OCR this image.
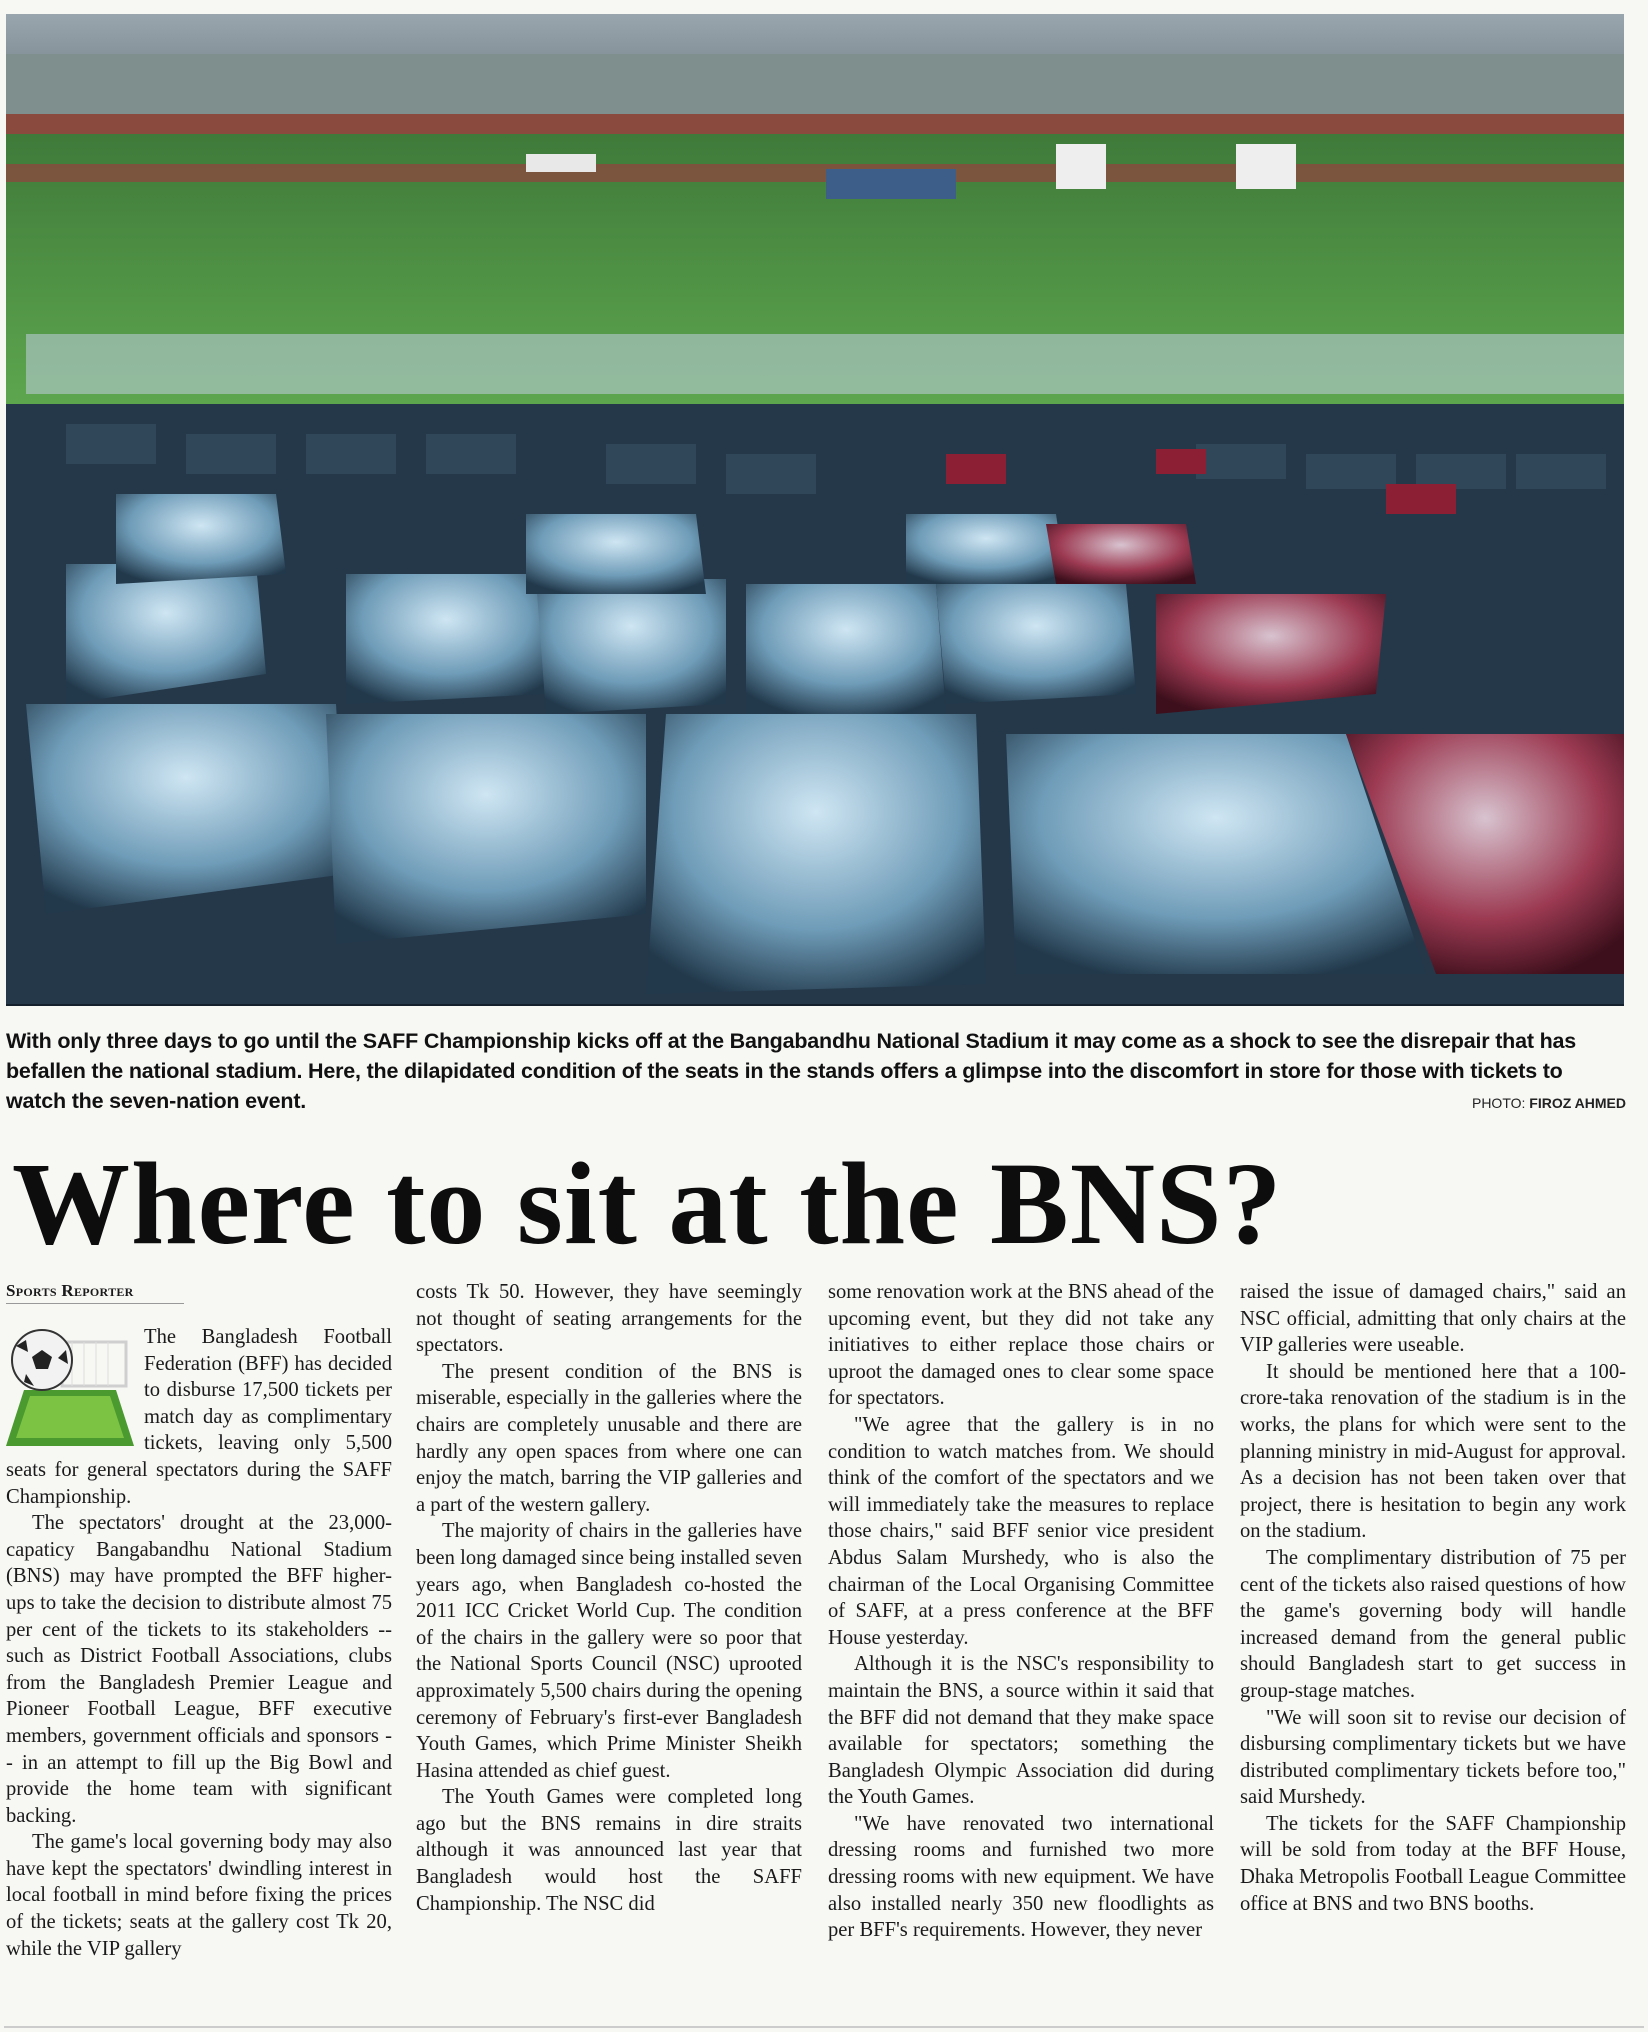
With only three days to go until the SAFF Championship kicks off at the Bangabandhu National Stadium it may come as a shock to see the disrepair that has befallen the national stadium. Here, the dilapidated condition of the seats in the stands offers a glimpse into the discomfort in store for those with tickets to watch the seven-nation event.	PHOTO: FIROZ AHMED
Where to sit at the BNS?
Sports Reporter

The Bangladesh Football Federation (BFF) has decided to disburse 17,500 tickets per match day as complimentary tickets, leaving only 5,500 seats for general spectators during the SAFF Championship.

The spectators' drought at the 23,000-capaticу Bangabandhu National Stadium (BNS) may have prompted the BFF higher-ups to take the decision to distribute almost 75 per cent of the tickets to its stakeholders -- such as District Football Associations, clubs from the Bangladesh Premier League and Pioneer Football League, BFF executive members, government officials and sponsors -- in an attempt to fill up the Big Bowl and provide the home team with significant backing.

The game's local governing body may also have kept the spectators' dwindling interest in local football in mind before fixing the prices of the tickets; seats at the gallery cost Tk 20, while the VIP gallery

costs Tk 50. However, they have seemingly not thought of seating arrangements for the spectators.

The present condition of the BNS is miserable, especially in the galleries where the chairs are completely unusable and there are hardly any open spaces from where one can enjoy the match, barring the VIP galleries and a part of the western gallery.

The majority of chairs in the galleries have been long damaged since being installed seven years ago, when Bangladesh co-hosted the 2011 ICC Cricket World Cup. The condition of the chairs in the gallery were so poor that the National Sports Council (NSC) uprooted approximately 5,500 chairs during the opening ceremony of February's first-ever Bangladesh Youth Games, which Prime Minister Sheikh Hasina attended as chief guest.

The Youth Games were completed long ago but the BNS remains in dire straits although it was announced last year that Bangladesh would host the SAFF Championship. The NSC did

some renovation work at the BNS ahead of the upcoming event, but they did not take any initiatives to either replace those chairs or uproot the damaged ones to clear some space for spectators.

"We agree that the gallery is in no condition to watch matches from. We should think of the comfort of the spectators and we will immediately take the measures to replace those chairs," said BFF senior vice president Abdus Salam Murshedy, who is also the chairman of the Local Organising Committee of SAFF, at a press conference at the BFF House yesterday.

Although it is the NSC's responsibility to maintain the BNS, a source within it said that the BFF did not demand that they make space available for spectators; something the Bangladesh Olympic Association did during the Youth Games.

"We have renovated two international dressing rooms and furnished two more dressing rooms with new equipment. We have also installed nearly 350 new floodlights as per BFF's requirements. However, they never

raised the issue of damaged chairs," said an NSC official, admitting that only chairs at the VIP galleries were useable.

It should be mentioned here that a 100-crore-taka renovation of the stadium is in the works, the plans for which were sent to the planning ministry in mid-August for approval. As a decision has not been taken over that project, there is hesitation to begin any work on the stadium.

The complimentary distribution of 75 per cent of the tickets also raised questions of how the game's governing body will handle increased demand from the general public should Bangladesh start to get success in group-stage matches.

"We will soon sit to revise our decision of disbursing complimentary tickets but we have distributed complimentary tickets before too," said Murshedy.

The tickets for the SAFF Championship will be sold from today at the BFF House, Dhaka Metropolis Football League Committee office at BNS and two BNS booths.
